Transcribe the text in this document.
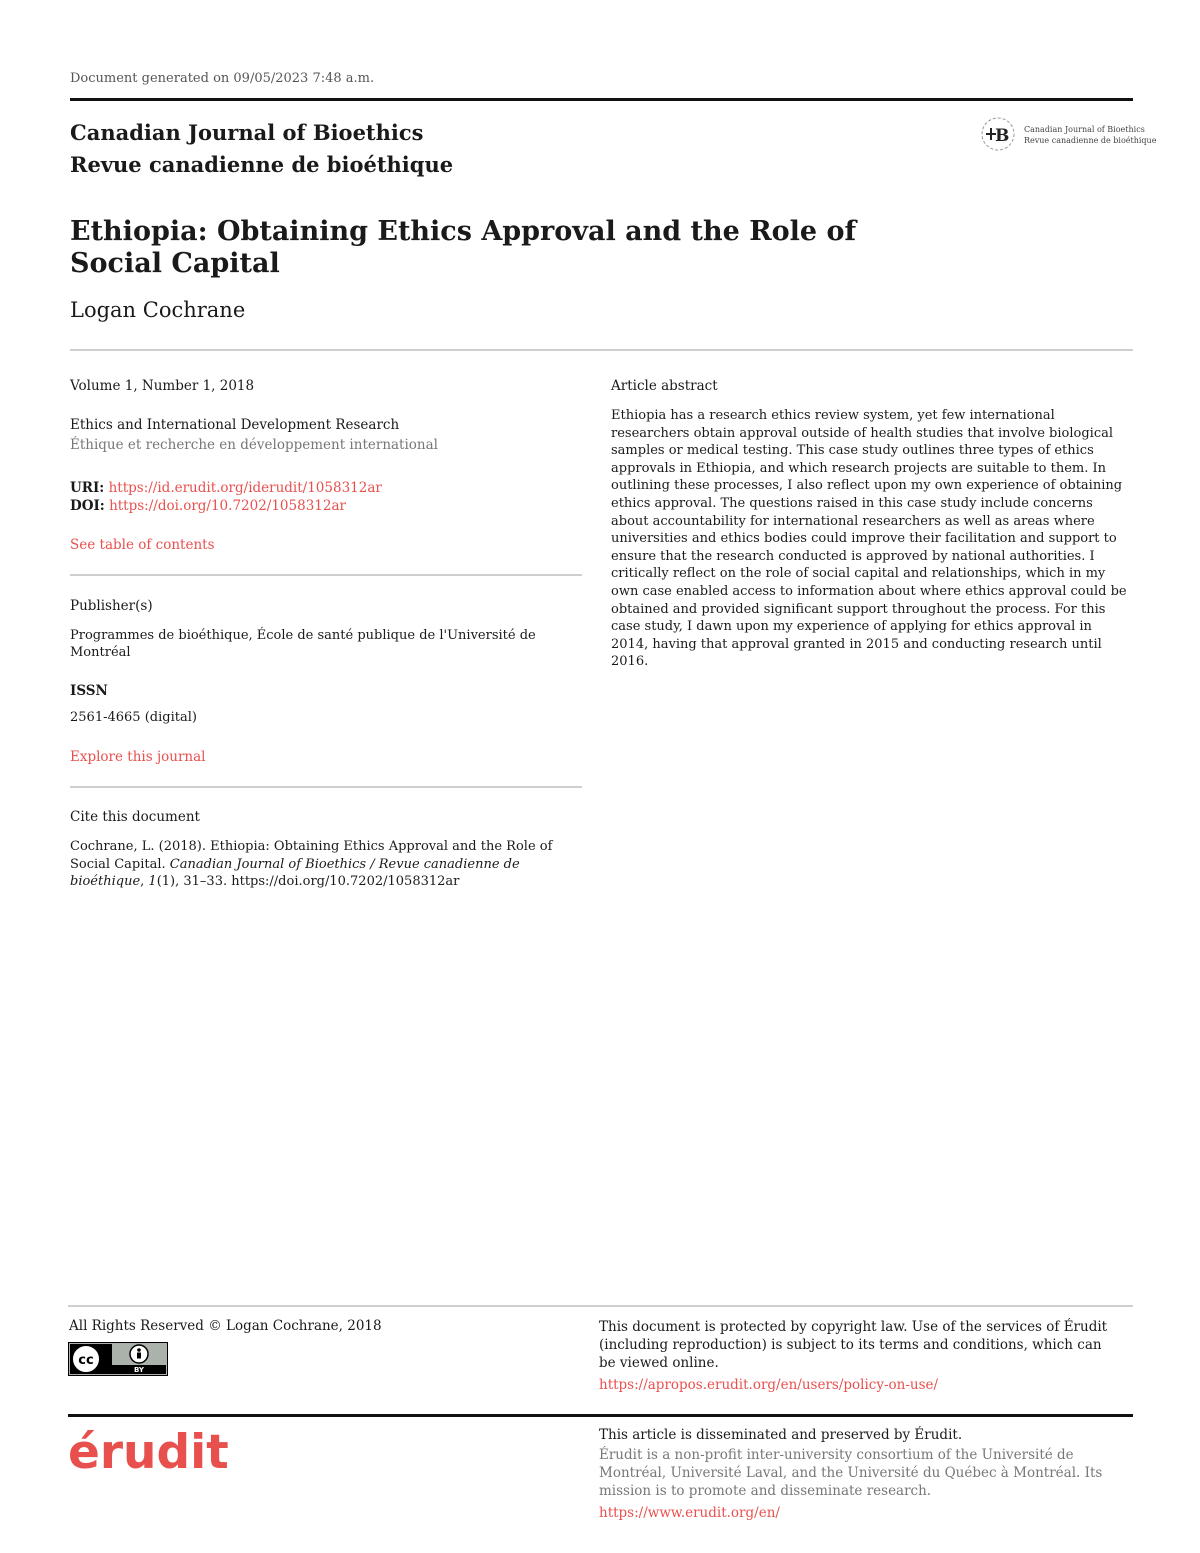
Document generated on 09/05/2023 7:48 a.m.
Canadian Journal of Bioethics
Revue canadienne de bioéthique
B Canadian Journal of Bioethics
Revue canadienne de bioéthique
Ethiopia: Obtaining Ethics Approval and the Role of Social Capital
Logan Cochrane

Volume 1, Number 1, 2018

Ethics and International Development Research

Éthique et recherche en développement international

URI: https://id.erudit.org/iderudit/1058312ar

DOI: https://doi.org/10.7202/1058312ar

See table of contents

Publisher(s)

Programmes de bioéthique, École de santé publique de l'Université de Montréal

ISSN

2561-4665 (digital)

Explore this journal

Cite this document

Cochrane, L. (2018). Ethiopia: Obtaining Ethics Approval and the Role of Social Capital. Canadian Journal of Bioethics / Revue canadienne de bioéthique, 1(1), 31–33. https://doi.org/10.7202/1058312ar

Article abstract

Ethiopia has a research ethics review system, yet few international researchers obtain approval outside of health studies that involve biological samples or medical testing. This case study outlines three types of ethics approvals in Ethiopia, and which research projects are suitable to them. In outlining these processes, I also reflect upon my own experience of obtaining ethics approval. The questions raised in this case study include concerns about accountability for international researchers as well as areas where universities and ethics bodies could improve their facilitation and support to ensure that the research conducted is approved by national authorities. I critically reflect on the role of social capital and relationships, which in my own case enabled access to information about where ethics approval could be obtained and provided significant support throughout the process. For this case study, I dawn upon my experience of applying for ethics approval in 2014, having that approval granted in 2015 and conducting research until 2016.

All Rights Reserved © Logan Cochrane, 2018
cc
BY

This document is protected by copyright law. Use of the services of Érudit (including reproduction) is subject to its terms and conditions, which can be viewed online.

https://apropos.erudit.org/en/users/policy-on-use/

érudit	This article is disseminated and preserved by Érudit.

Érudit is a non-profit inter-university consortium of the Université de Montréal, Université Laval, and the Université du Québec à Montréal. Its mission is to promote and disseminate research.

https://www.erudit.org/en/
